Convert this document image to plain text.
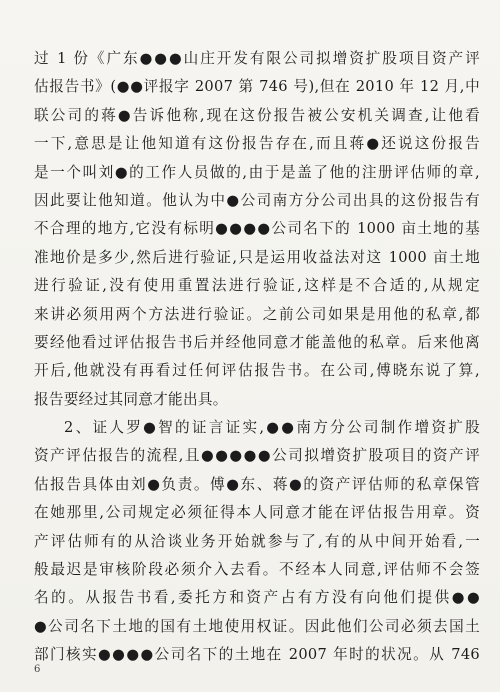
过 1 份《广东●●●山庄开发有限公司拟增资扩股项目资产评
估报告书》(●●评报字 2007 第 746 号),但在 2010 年 12 月,中
联公司的蒋●告诉他称,现在这份报告被公安机关调查,让他看
一下,意思是让他知道有这份报告存在,而且蒋●还说这份报告
是一个叫刘●的工作人员做的,由于是盖了他的注册评估师的章,
因此要让他知道。他认为中●公司南方分公司出具的这份报告有
不合理的地方,它没有标明●●●●公司名下的 1000 亩土地的基
准地价是多少,然后进行验证,只是运用收益法对这 1000 亩土地
进行验证,没有使用重置法进行验证,这样是不合适的,从规定
来讲必须用两个方法进行验证。之前公司如果是用他的私章,都
要经他看过评估报告书后并经他同意才能盖他的私章。后来他离
开后,他就没有再看过任何评估报告书。在公司,傅晓东说了算,
报告要经过其同意才能出具。
2、证人罗●智的证言证实,●●南方分公司制作增资扩股
资产评估报告的流程,且●●●●●公司拟增资扩股项目的资产评
估报告具体由刘●负责。傅●东、蒋●的资产评估师的私章保管
在她那里,公司规定必须征得本人同意才能在评估报告用章。资
产评估师有的从洽谈业务开始就参与了,有的从中间开始看,一
般最迟是审核阶段必须介入去看。不经本人同意,评估师不会签
名的。从报告书看,委托方和资产占有方没有向他们提供●●
●公司名下土地的国有土地使用权证。因此他们公司必须去国土
部门核实●●●●公司名下的土地在 2007 年时的状况。从 746
6
